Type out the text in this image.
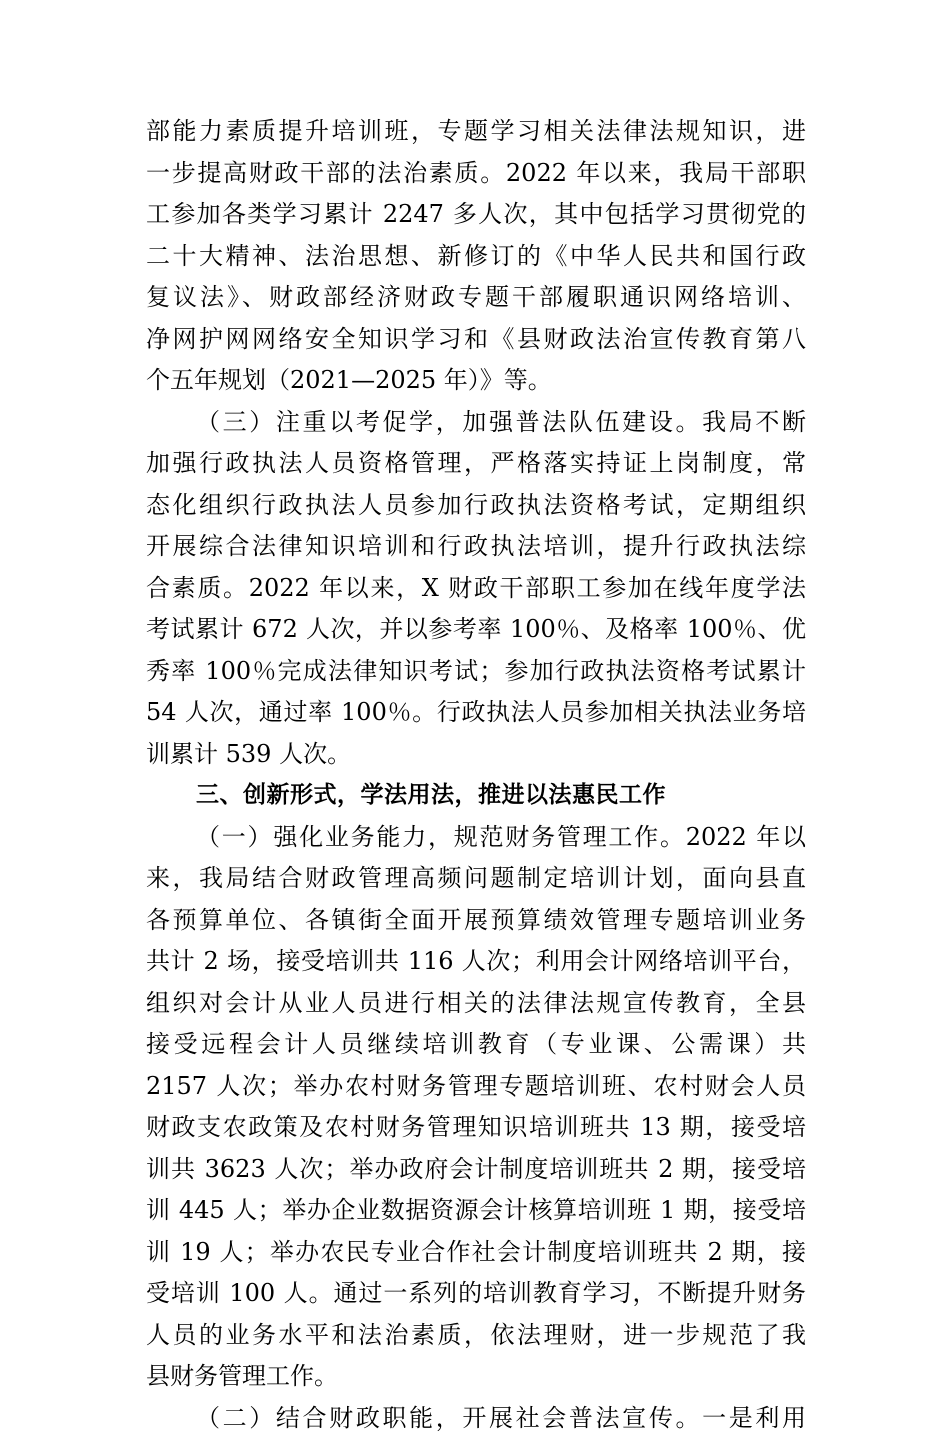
部能力素质提升培训班，专题学习相关法律法规知识，进
一步提高财政干部的法治素质。2022 年以来，我局干部职
工参加各类学习累计 2247 多人次，其中包括学习贯彻党的
二十大精神、法治思想、新修订的《中华人民共和国行政
复议法》、财政部经济财政专题干部履职通识网络培训、
净网护网网络安全知识学习和《县财政法治宣传教育第八
个五年规划（2021—2025 年）》等。
（三）注重以考促学，加强普法队伍建设。我局不断
加强行政执法人员资格管理，严格落实持证上岗制度，常
态化组织行政执法人员参加行政执法资格考试，定期组织
开展综合法律知识培训和行政执法培训，提升行政执法综
合素质。2022 年以来，X 财政干部职工参加在线年度学法
考试累计 672 人次，并以参考率 100％、及格率 100％、优
秀率 100％完成法律知识考试；参加行政执法资格考试累计
54 人次，通过率 100％。行政执法人员参加相关执法业务培
训累计 539 人次。
三、创新形式，学法用法，推进以法惠民工作
（一）强化业务能力，规范财务管理工作。2022 年以
来，我局结合财政管理高频问题制定培训计划，面向县直
各预算单位、各镇街全面开展预算绩效管理专题培训业务
共计 2 场，接受培训共 116 人次；利用会计网络培训平台，
组织对会计从业人员进行相关的法律法规宣传教育，全县
接受远程会计人员继续培训教育（专业课、公需课）共
2157 人次；举办农村财务管理专题培训班、农村财会人员
财政支农政策及农村财务管理知识培训班共 13 期，接受培
训共 3623 人次；举办政府会计制度培训班共 2 期，接受培
训 445 人；举办企业数据资源会计核算培训班 1 期，接受培
训 19 人；举办农民专业合作社会计制度培训班共 2 期，接
受培训 100 人。通过一系列的培训教育学习，不断提升财务
人员的业务水平和法治素质，依法理财，进一步规范了我
县财务管理工作。
（二）结合财政职能，开展社会普法宣传。一是利用
